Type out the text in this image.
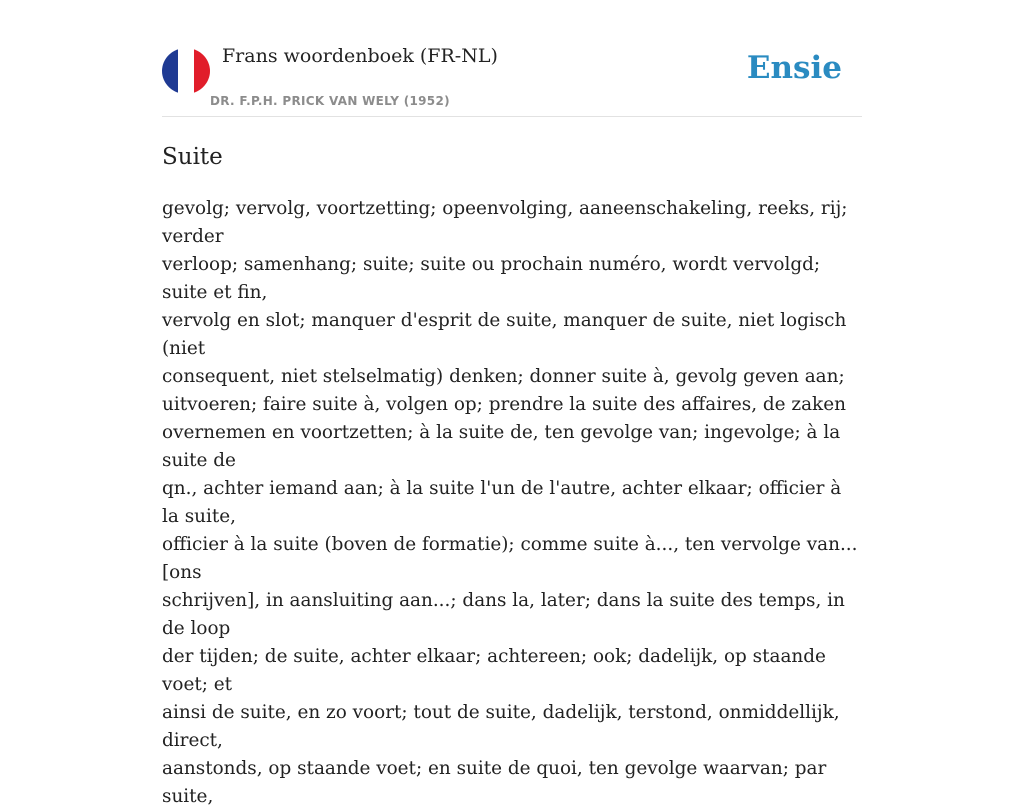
Frans woordenboek (FR-NL)
DR. F.P.H. PRICK VAN WELY (1952)
Ensie
Suite
gevolg; vervolg, voortzetting; opeenvolging, aaneenschakeling, reeks, rij; verder
verloop; samenhang; suite; suite ou prochain numéro, wordt vervolgd; suite et fin,
vervolg en slot; manquer d'esprit de suite, manquer de suite, niet logisch (niet
consequent, niet stelselmatig) denken; donner suite à, gevolg geven aan;
uitvoeren; faire suite à, volgen op; prendre la suite des affaires, de zaken
overnemen en voortzetten; à la suite de, ten gevolge van; ingevolge; à la suite de
qn., achter iemand aan; à la suite l'un de l'autre, achter elkaar; officier à la suite,
officier à la suite (boven de formatie); comme suite à..., ten vervolge van... [ons
schrijven], in aansluiting aan...; dans la, later; dans la suite des temps, in de loop
der tijden; de suite, achter elkaar; achtereen; ook; dadelijk, op staande voet; et
ainsi de suite, en zo voort; tout de suite, dadelijk, terstond, onmiddellijk, direct,
aanstonds, op staande voet; en suite de quoi, ten gevolge waarvan; par suite,
